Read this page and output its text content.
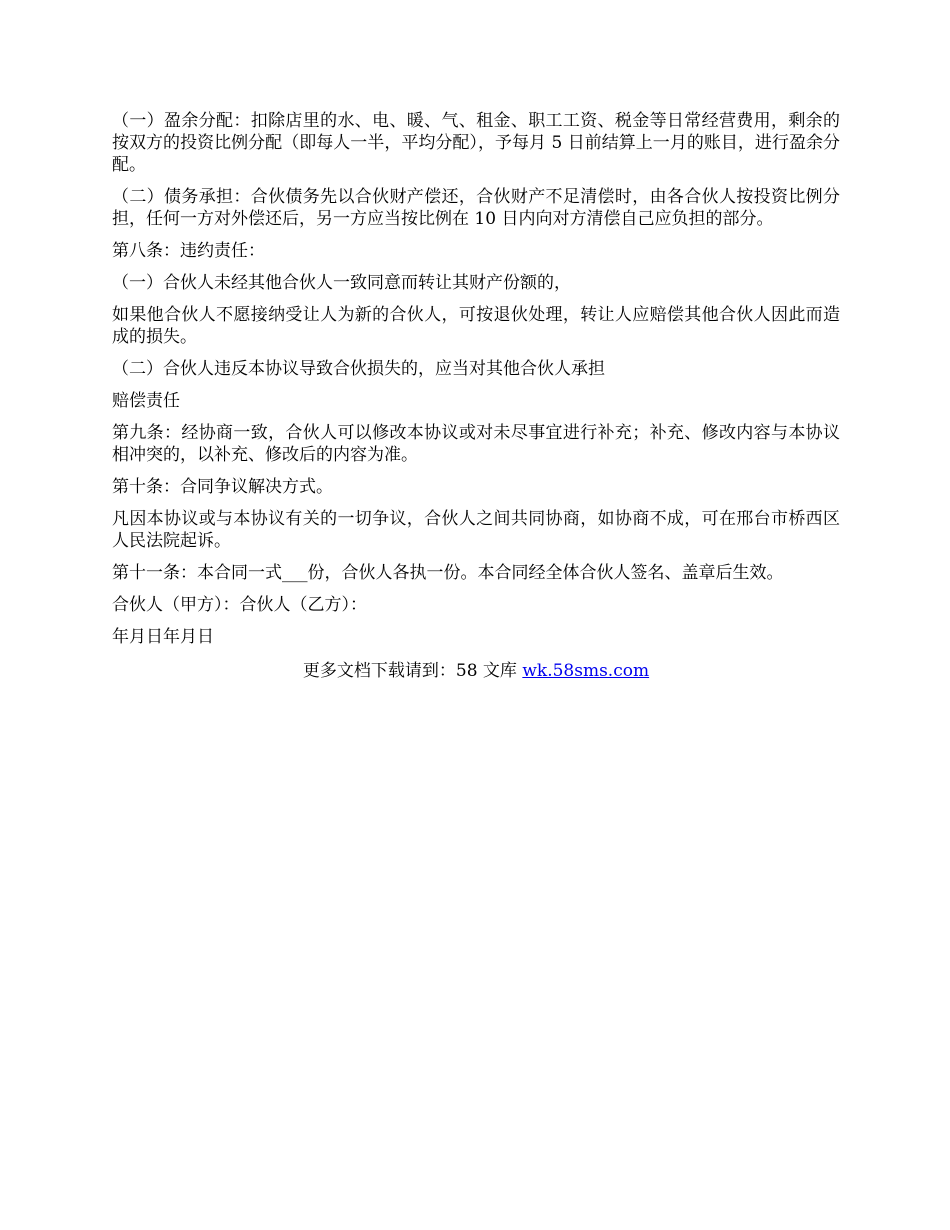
（一）盈余分配：扣除店里的水、电、暖、气、租金、职工工资、税金等日常经营费用，剩余的按双方的投资比例分配（即每人一半，平均分配），予每月 5 日前结算上一月的账目，进行盈余分配。

（二）债务承担：合伙债务先以合伙财产偿还，合伙财产不足清偿时，由各合伙人按投资比例分担，任何一方对外偿还后，另一方应当按比例在 10 日内向对方清偿自己应负担的部分。

第八条：违约责任：

（一）合伙人未经其他合伙人一致同意而转让其财产份额的，

如果他合伙人不愿接纳受让人为新的合伙人，可按退伙处理，转让人应赔偿其他合伙人因此而造成的损失。

（二）合伙人违反本协议导致合伙损失的，应当对其他合伙人承担

赔偿责任

第九条：经协商一致，合伙人可以修改本协议或对未尽事宜进行补充；补充、修改内容与本协议相冲突的，以补充、修改后的内容为准。

第十条：合同争议解决方式。

凡因本协议或与本协议有关的一切争议，合伙人之间共同协商，如协商不成，可在邢台市桥西区人民法院起诉。

第十一条：本合同一式___份，合伙人各执一份。本合同经全体合伙人签名、盖章后生效。

合伙人（甲方）：合伙人（乙方）：

年月日年月日

更多文档下载请到：58 文库 wk.58sms.com
